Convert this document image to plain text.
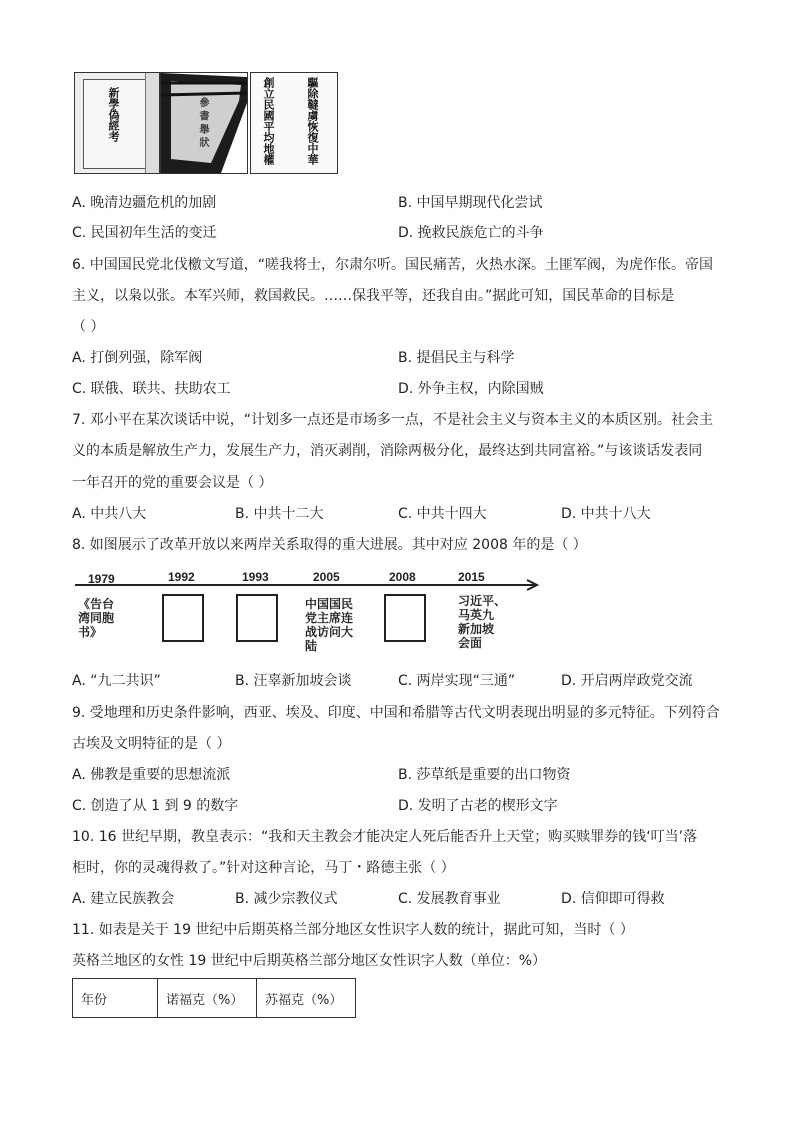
新學偽經考	參 書 舉 狀	創立民國平均地權	驅除韃虜恢復中華
A. 晚清边疆危机的加剧	B. 中国早期现代化尝试
C. 民国初年生活的变迁	D. 挽救民族危亡的斗争
6. 中国国民党北伐檄文写道，“嗟我将士，尔肃尔听。国民痛苦，火热水深。土匪军阀，为虎作伥。帝国
主义，以枭以张。本军兴师，救国救民。……保我平等，还我自由。”据此可知，国民革命的目标是
（ ）
A. 打倒列强，除军阀	B. 提倡民主与科学
C. 联俄、联共、扶助农工	D. 外争主权，内除国贼
7. 邓小平在某次谈话中说，“计划多一点还是市场多一点，不是社会主义与资本主义的本质区别。社会主
义的本质是解放生产力，发展生产力，消灭剥削，消除两极分化，最终达到共同富裕。”与该谈话发表同
一年召开的党的重要会议是（ ）
A. 中共八大	B. 中共十二大	C. 中共十四大	D. 中共十八大
8. 如图展示了改革开放以来两岸关系取得的重大进展。其中对应 2008 年的是（ ）
1979	1992	1993	2005	2008	2015
《告台
湾同胞
书》
中国国民
党主席连
战访问大
陆
习近平、
马英九
新加坡
会面
A. “九二共识”	B. 汪辜新加坡会谈	C. 两岸实现“三通”	D. 开启两岸政党交流
9. 受地理和历史条件影响，西亚、埃及、印度、中国和希腊等古代文明表现出明显的多元特征。下列符合
古埃及文明特征的是（ ）
A. 佛教是重要的思想流派	B. 莎草纸是重要的出口物资
C. 创造了从 1 到 9 的数字	D. 发明了古老的楔形文字
10. 16 世纪早期，教皇表示：“我和天主教会才能决定人死后能否升上天堂；购买赎罪券的钱‘叮当’落
柜时，你的灵魂得救了。”针对这种言论，马丁・路德主张（ ）
A. 建立民族教会	B. 减少宗教仪式	C. 发展教育事业	D. 信仰即可得救
11. 如表是关于 19 世纪中后期英格兰部分地区女性识字人数的统计，据此可知，当时（ ）
英格兰地区的女性 19 世纪中后期英格兰部分地区女性识字人数（单位：%）
年份	诺福克（%）	苏福克（%）
